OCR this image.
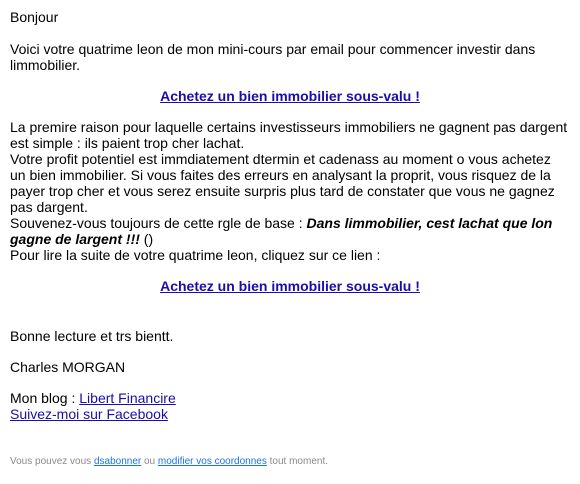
Bonjour

Voici votre quatrime leon de mon mini-cours par email pour commencer investir dans limmobilier.

Achetez un bien immobilier sous-valu !

La premire raison pour laquelle certains investisseurs immobiliers ne gagnent pas dargent est simple : ils paient trop cher lachat.

Votre profit potentiel est immdiatement dtermin et cadenass au moment o vous achetez un bien immobilier. Si vous faites des erreurs en analysant la proprit, vous risquez de la payer trop cher et vous serez ensuite surpris plus tard de constater que vous ne gagnez pas dargent.

Souvenez-vous toujours de cette rgle de base : Dans limmobilier, cest lachat que lon gagne de largent !!! ()

Pour lire la suite de votre quatrime leon, cliquez sur ce lien :

Achetez un bien immobilier sous-valu !

Bonne lecture et trs bientt.

Charles MORGAN

Mon blog : Libert Financire

Suivez-moi sur Facebook

Vous pouvez vous dsabonner ou modifier vos coordonnes tout moment.
